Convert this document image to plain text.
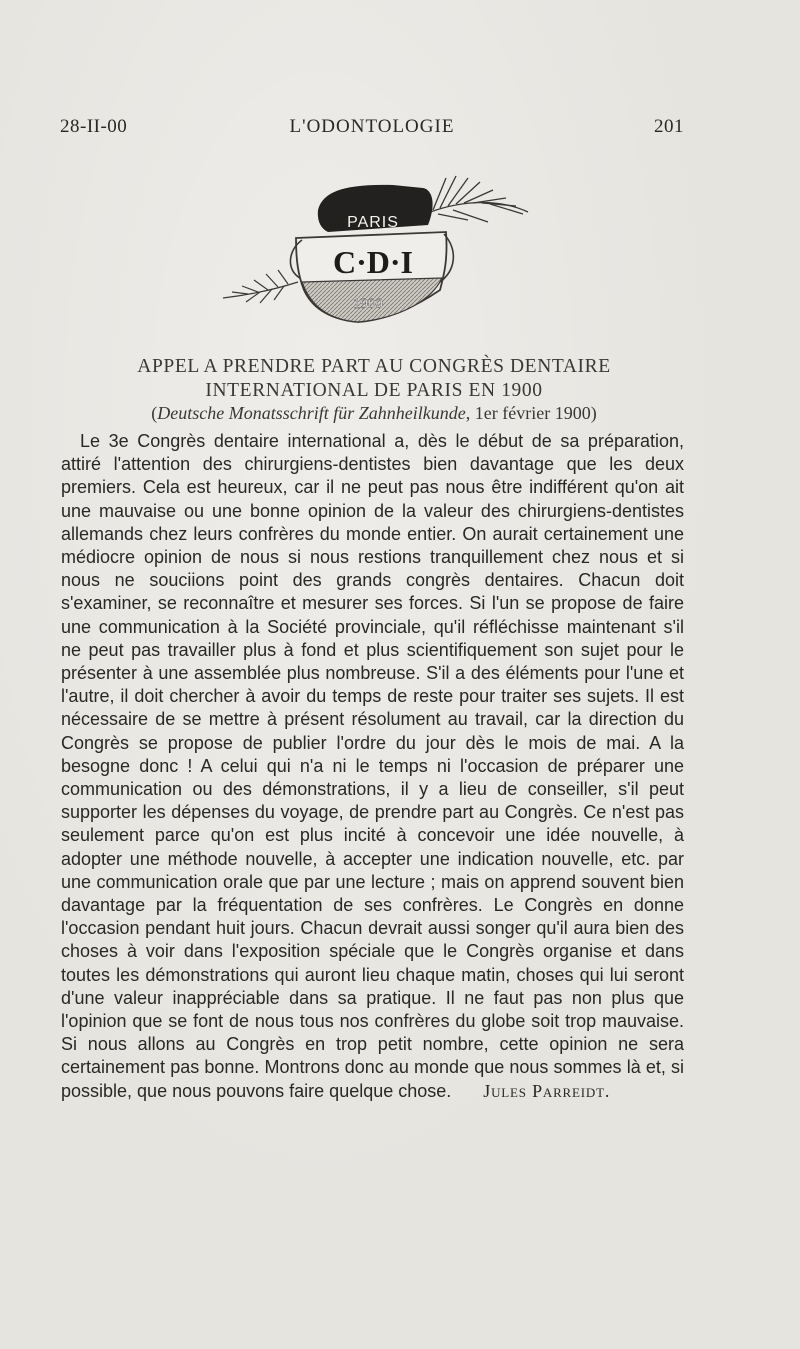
28-II-00	L'ODONTOLOGIE	201
PARIS
C·D·I
1900
APPEL A PRENDRE PART AU CONGRÈS DENTAIRE
INTERNATIONAL DE PARIS EN 1900
(Deutsche Monatsschrift für Zahnheilkunde, 1er février 1900)

Le 3e Congrès dentaire international a, dès le début de sa préparation, attiré l'attention des chirurgiens-dentistes bien davantage que les deux premiers. Cela est heureux, car il ne peut pas nous être indifférent qu'on ait une mauvaise ou une bonne opinion de la valeur des chirurgiens-dentistes allemands chez leurs confrères du monde entier. On aurait certainement une médiocre opinion de nous si nous restions tranquillement chez nous et si nous ne souciions point des grands congrès dentaires. Chacun doit s'examiner, se reconnaître et mesurer ses forces. Si l'un se propose de faire une communication à la Société provinciale, qu'il réfléchisse maintenant s'il ne peut pas travailler plus à fond et plus scientifiquement son sujet pour le présenter à une assemblée plus nombreuse. S'il a des éléments pour l'une et l'autre, il doit chercher à avoir du temps de reste pour traiter ses sujets. Il est nécessaire de se mettre à présent résolument au travail, car la direction du Congrès se propose de publier l'ordre du jour dès le mois de mai. A la besogne donc ! A celui qui n'a ni le temps ni l'occasion de préparer une communication ou des démonstrations, il y a lieu de conseiller, s'il peut supporter les dépenses du voyage, de prendre part au Congrès. Ce n'est pas seulement parce qu'on est plus incité à concevoir une idée nouvelle, à adopter une méthode nouvelle, à accepter une indication nouvelle, etc. par une communication orale que par une lecture ; mais on apprend souvent bien davantage par la fréquentation de ses confrères. Le Congrès en donne l'occasion pendant huit jours. Chacun devrait aussi songer qu'il aura bien des choses à voir dans l'exposition spéciale que le Congrès organise et dans toutes les démonstrations qui auront lieu chaque matin, choses qui lui seront d'une valeur inappréciable dans sa pratique. Il ne faut pas non plus que l'opinion que se font de nous tous nos confrères du globe soit trop mauvaise. Si nous allons au Congrès en trop petit nombre, cette opinion ne sera certainement pas bonne. Montrons donc au monde que nous sommes là et, si possible, que nous pouvons faire quelque chose. Jules Parreidt.
